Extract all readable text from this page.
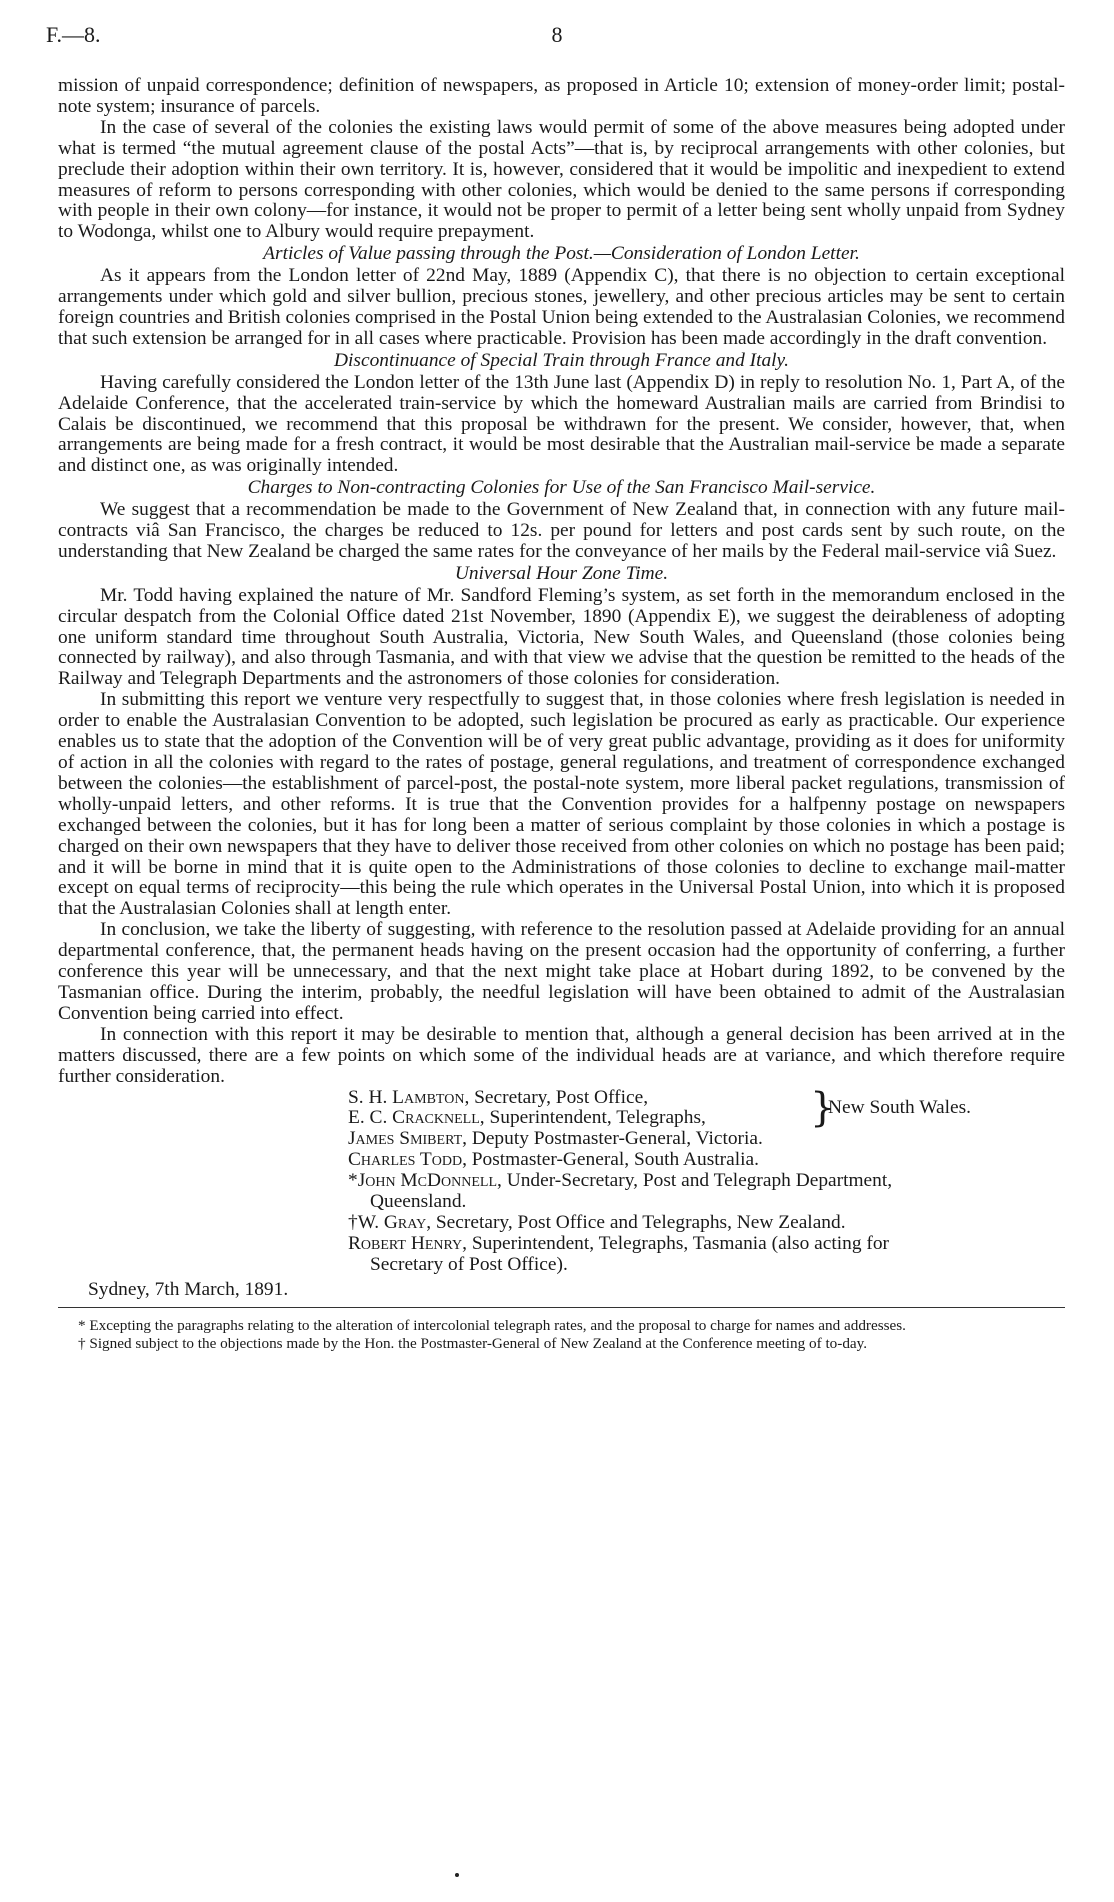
F.—8.	8

mission of unpaid correspondence; definition of newspapers, as proposed in Article 10; extension of money-order limit; postal-note system; insurance of parcels.

In the case of several of the colonies the existing laws would permit of some of the above measures being adopted under what is termed “the mutual agreement clause of the postal Acts”—that is, by reciprocal arrangements with other colonies, but preclude their adoption within their own territory. It is, however, considered that it would be impolitic and inexpedient to extend measures of reform to persons corresponding with other colonies, which would be denied to the same persons if corresponding with people in their own colony—for instance, it would not be proper to permit of a letter being sent wholly unpaid from Sydney to Wodonga, whilst one to Albury would require prepayment.

Articles of Value passing through the Post.—Consideration of London Letter.

As it appears from the London letter of 22nd May, 1889 (Appendix C), that there is no objection to certain exceptional arrangements under which gold and silver bullion, precious stones, jewellery, and other precious articles may be sent to certain foreign countries and British colonies comprised in the Postal Union being extended to the Australasian Colonies, we recommend that such extension be arranged for in all cases where practicable. Provision has been made accordingly in the draft convention.

Discontinuance of Special Train through France and Italy.

Having carefully considered the London letter of the 13th June last (Appendix D) in reply to resolution No. 1, Part A, of the Adelaide Conference, that the accelerated train-service by which the homeward Australian mails are carried from Brindisi to Calais be discontinued, we recommend that this proposal be withdrawn for the present. We consider, however, that, when arrangements are being made for a fresh contract, it would be most desirable that the Australian mail-service be made a separate and distinct one, as was originally intended.

Charges to Non-contracting Colonies for Use of the San Francisco Mail-service.

We suggest that a recommendation be made to the Government of New Zealand that, in connection with any future mail-contracts viâ San Francisco, the charges be reduced to 12s. per pound for letters and post cards sent by such route, on the understanding that New Zealand be charged the same rates for the conveyance of her mails by the Federal mail-service viâ Suez.

Universal Hour Zone Time.

Mr. Todd having explained the nature of Mr. Sandford Fleming’s system, as set forth in the memorandum enclosed in the circular despatch from the Colonial Office dated 21st November, 1890 (Appendix E), we suggest the deirableness of adopting one uniform standard time throughout South Australia, Victoria, New South Wales, and Queensland (those colonies being connected by railway), and also through Tasmania, and with that view we advise that the question be remitted to the heads of the Railway and Telegraph Departments and the astronomers of those colonies for consideration.

In submitting this report we venture very respectfully to suggest that, in those colonies where fresh legislation is needed in order to enable the Australasian Convention to be adopted, such legislation be procured as early as practicable. Our experience enables us to state that the adoption of the Convention will be of very great public advantage, providing as it does for uniformity of action in all the colonies with regard to the rates of postage, general regulations, and treatment of correspondence exchanged between the colonies—the establishment of parcel-post, the postal-note system, more liberal packet regulations, transmission of wholly-unpaid letters, and other reforms. It is true that the Convention provides for a halfpenny postage on newspapers exchanged between the colonies, but it has for long been a matter of serious complaint by those colonies in which a postage is charged on their own newspapers that they have to deliver those received from other colonies on which no postage has been paid; and it will be borne in mind that it is quite open to the Administrations of those colonies to decline to exchange mail-matter except on equal terms of reciprocity—this being the rule which operates in the Universal Postal Union, into which it is proposed that the Australasian Colonies shall at length enter.

In conclusion, we take the liberty of suggesting, with reference to the resolution passed at Adelaide providing for an annual departmental conference, that, the permanent heads having on the present occasion had the opportunity of conferring, a further conference this year will be unnecessary, and that the next might take place at Hobart during 1892, to be convened by the Tasmanian office. During the interim, probably, the needful legislation will have been obtained to admit of the Australasian Convention being carried into effect.

In connection with this report it may be desirable to mention that, although a general decision has been arrived at in the matters discussed, there are a few points on which some of the individual heads are at variance, and which therefore require further consideration.

S. H. Lambton, Secretary, Post Office,
E. C. Cracknell, Superintendent, Telegraphs,	}
New South Wales.
James Smibert, Deputy Postmaster-General, Victoria.
Charles Todd, Postmaster-General, South Australia.
*John McDonnell, Under-Secretary, Post and Telegraph Department,
Queensland.
†W. Gray, Secretary, Post Office and Telegraphs, New Zealand.
Robert Henry, Superintendent, Telegraphs, Tasmania (also acting for
Secretary of Post Office).
Sydney, 7th March, 1891.

* Excepting the paragraphs relating to the alteration of intercolonial telegraph rates, and the proposal to charge for names and addresses.

† Signed subject to the objections made by the Hon. the Postmaster-General of New Zealand at the Conference meeting of to-day.
